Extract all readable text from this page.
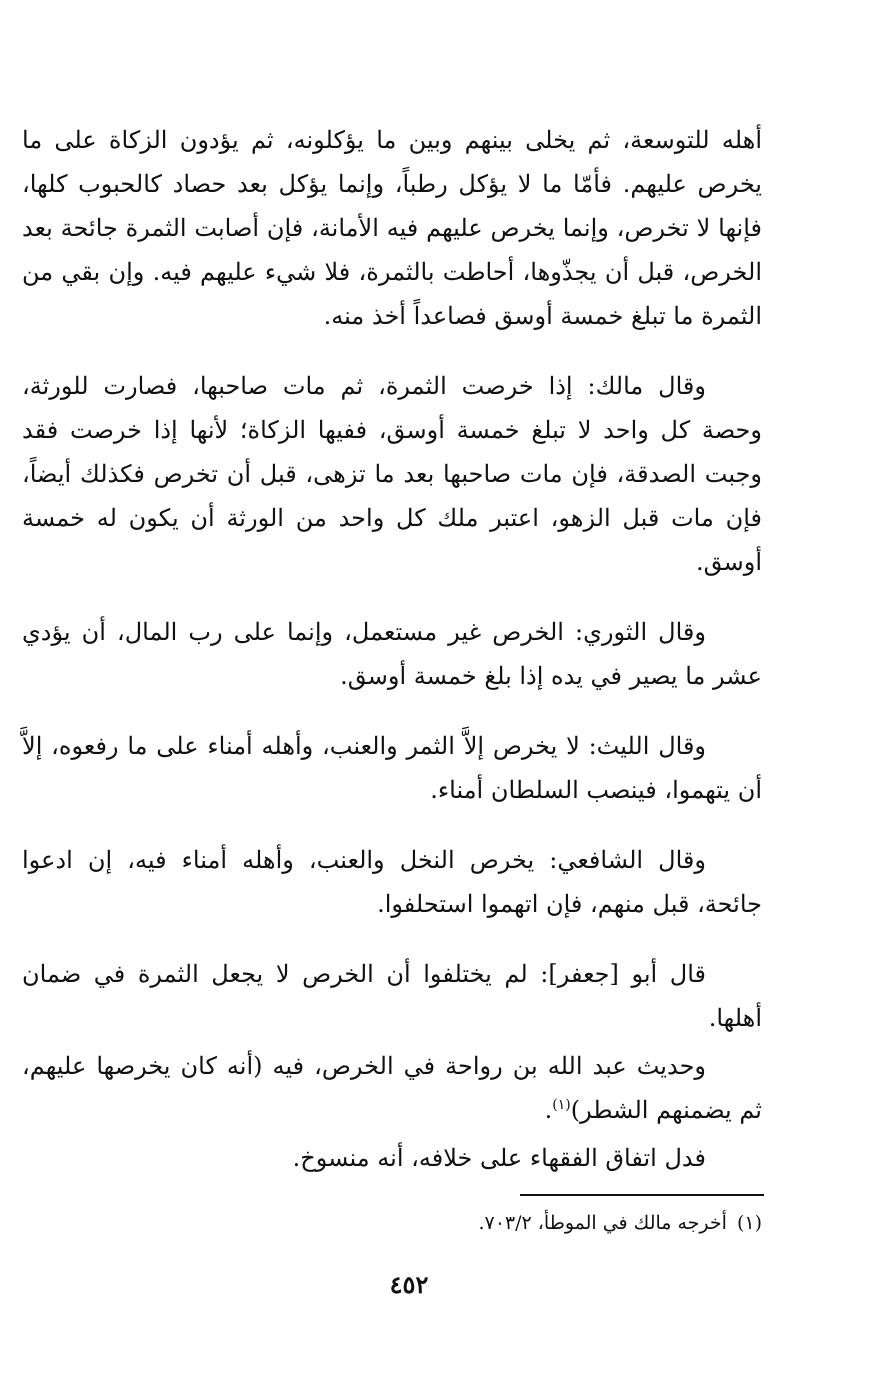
أهله للتوسعة، ثم يخلى بينهم وبين ما يؤكلونه، ثم يؤدون الزكاة على ما يخرص عليهم. فأمّا ما لا يؤكل رطباً، وإنما يؤكل بعد حصاد كالحبوب كلها، فإنها لا تخرص، وإنما يخرص عليهم فيه الأمانة، فإن أصابت الثمرة جائحة بعد الخرص، قبل أن يجذّوها، أحاطت بالثمرة، فلا شيء عليهم فيه. وإن بقي من الثمرة ما تبلغ خمسة أوسق فصاعداً أخذ منه.

وقال مالك: إذا خرصت الثمرة، ثم مات صاحبها، فصارت للورثة، وحصة كل واحد لا تبلغ خمسة أوسق، ففيها الزكاة؛ لأنها إذا خرصت فقد وجبت الصدقة، فإن مات صاحبها بعد ما تزهى، قبل أن تخرص فكذلك أيضاً، فإن مات قبل الزهو، اعتبر ملك كل واحد من الورثة أن يكون له خمسة أوسق.

وقال الثوري: الخرص غير مستعمل، وإنما على رب المال، أن يؤدي عشر ما يصير في يده إذا بلغ خمسة أوسق.

وقال الليث: لا يخرص إلاَّ الثمر والعنب، وأهله أمناء على ما رفعوه، إلاَّ أن يتهموا، فينصب السلطان أمناء.

وقال الشافعي: يخرص النخل والعنب، وأهله أمناء فيه، إن ادعوا جائحة، قبل منهم، فإن اتهموا استحلفوا.

قال أبو [جعفر]: لم يختلفوا أن الخرص لا يجعل الثمرة في ضمان أهلها.

وحديث عبد الله بن رواحة في الخرص، فيه (أنه كان يخرصها عليهم، ثم يضمنهم الشطر)$^{(١)}$.

فدل اتفاق الفقهاء على خلافه، أنه منسوخ.

(١)أخرجه مالك في الموطأ، ٧٠٣/٢.

٤٥٢
